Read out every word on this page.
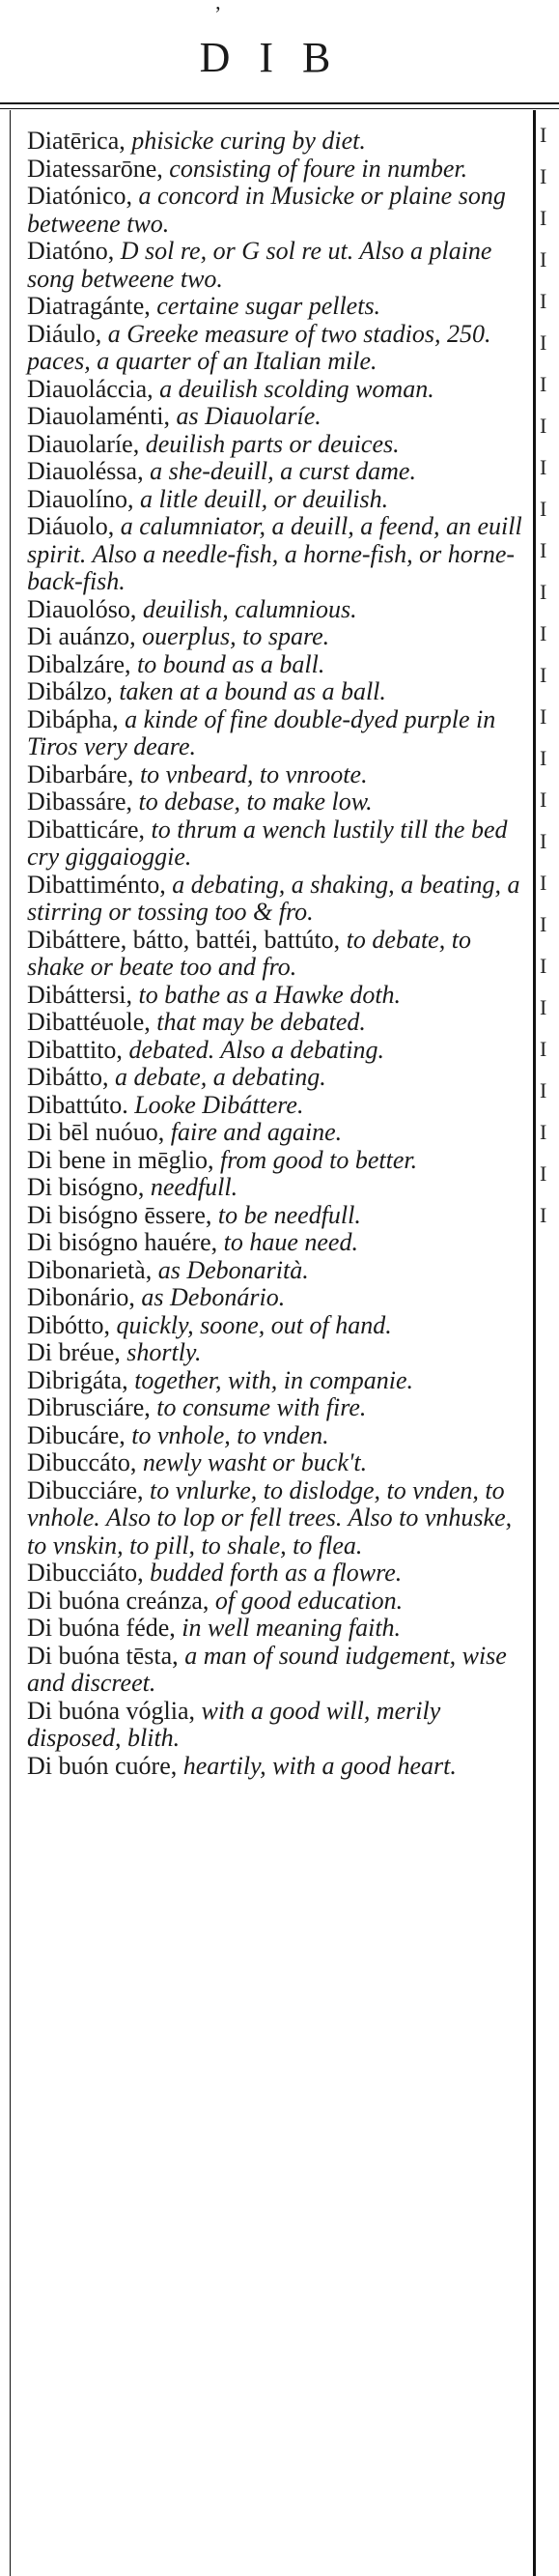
ʼ
DIB
I
I
I
I
I
I
I
I
I
I
I
I
I
I
I
I
I
I
I
I
I
I
I
I
I
I
I

Diatērica, phisicke curing by diet.

Diatessarōne, consisting of foure in number.

Diatónico, a concord in Musicke or plaine song betweene two.

Diatóno, D sol re, or G sol re ut. Also a plaine song betweene two.

Diatragánte, certaine sugar pellets.

Diáulo, a Greeke measure of two stadios, 250. paces, a quarter of an Italian mile.

Diauoláccia, a deuilish scolding woman.

Diauolaménti, as Diauolaríe.

Diauolaríe, deuilish parts or deuices.

Diauoléssa, a she-deuill, a curst dame.

Diauolíno, a litle deuill, or deuilish.

Diáuolo, a calumniator, a deuill, a feend, an euill spirit. Also a needle-fish, a horne-fish, or horne-back-fish.

Diauolóso, deuilish, calumnious.

Di auánzo, ouerplus, to spare.

Dibalzáre, to bound as a ball.

Dibálzo, taken at a bound as a ball.

Dibápha, a kinde of fine double-dyed purple in Tiros very deare.

Dibarbáre, to vnbeard, to vnroote.

Dibassáre, to debase, to make low.

Dibatticáre, to thrum a wench lustily till the bed cry giggaioggie.

Dibattiménto, a debating, a shaking, a beating, a stirring or tossing too & fro.

Dibáttere, bátto, battéi, battúto, to debate, to shake or beate too and fro.

Dibáttersi, to bathe as a Hawke doth.

Dibattéuole, that may be debated.

Dibattito, debated. Also a debating.

Dibátto, a debate, a debating.

Dibattúto. Looke Dibáttere.

Di bēl nuóuo, faire and againe.

Di bene in mēglio, from good to better.

Di bisógno, needfull.

Di bisógno ēssere, to be needfull.

Di bisógno hauére, to haue need.

Dibonarietà, as Debonarità.

Dibonário, as Debonário.

Dibótto, quickly, soone, out of hand.

Di bréue, shortly.

Dibrigáta, together, with, in companie.

Dibrusciáre, to consume with fire.

Dibucáre, to vnhole, to vnden.

Dibuccáto, newly washt or buck't.

Dibucciáre, to vnlurke, to dislodge, to vnden, to vnhole. Also to lop or fell trees. Also to vnhuske, to vnskin, to pill, to shale, to flea.

Dibucciáto, budded forth as a flowre.

Di buóna creánza, of good education.

Di buóna féde, in well meaning faith.

Di buóna tēsta, a man of sound iudgement, wise and discreet.

Di buóna vóglia, with a good will, merily disposed, blith.

Di buón cuóre, heartily, with a good heart.
